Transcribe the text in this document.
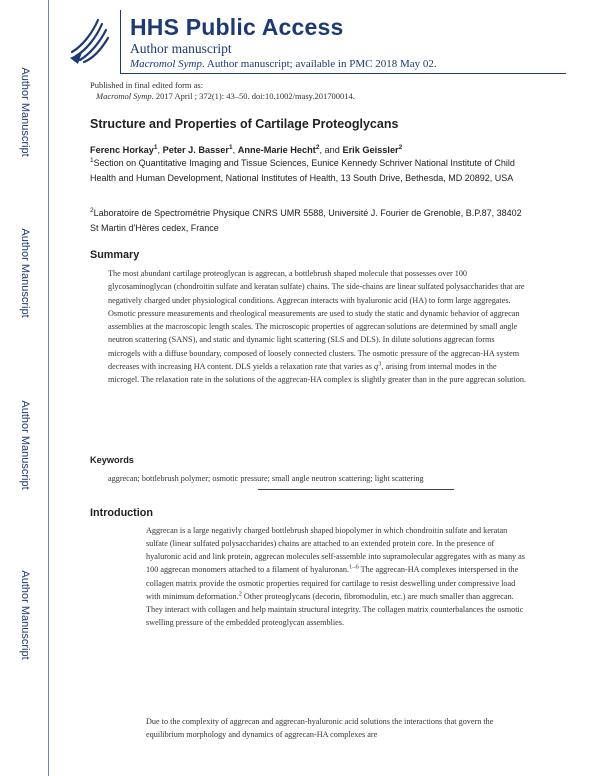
Author Manuscript
Author Manuscript
Author Manuscript
Author Manuscript
HHS Public Access
Author manuscript
Macromol Symp. Author manuscript; available in PMC 2018 May 02.
Published in final edited form as:
Macromol Symp. 2017 April ; 372(1): 43–50. doi:10.1002/masy.201700014.
Structure and Properties of Cartilage Proteoglycans
Ferenc Horkay$^1$, Peter J. Basser$^1$, Anne-Marie Hecht$^2$, and Erik Geissler$^2$
$^1$Section on Quantitative Imaging and Tissue Sciences, Eunice Kennedy Schriver National Institute of Child Health and Human Development, National Institutes of Health, 13 South Drive, Bethesda, MD 20892, USA
$^2$Laboratoire de Spectrométrie Physique CNRS UMR 5588, Université J. Fourier de Grenoble, B.P.87, 38402 St Martin d'Hères cedex, France
Summary
The most abundant cartilage proteoglycan is aggrecan, a bottlebrush shaped molecule that possesses over 100 glycosaminoglycan (chondroitin sulfate and keratan sulfate) chains. The side-chains are linear sulfated polysaccharides that are negatively charged under physiological conditions. Aggrecan interacts with hyaluronic acid (HA) to form large aggregates. Osmotic pressure measurements and rheological measurements are used to study the static and dynamic behavior of aggrecan assemblies at the macroscopic length scales. The microscopic properties of aggrecan solutions are determined by small angle neutron scattering (SANS), and static and dynamic light scattering (SLS and DLS). In dilute solutions aggrecan forms microgels with a diffuse boundary, composed of loosely connected clusters. The osmotic pressure of the aggrecan-HA system decreases with increasing HA content. DLS yields a relaxation rate that varies as $q^3$, arising from internal modes in the microgel. The relaxation rate in the solutions of the aggrecan-HA complex is slightly greater than in the pure aggrecan solution.
Keywords
aggrecan; bottlebrush polymer; osmotic pressure; small angle neutron scattering; light scattering
Introduction
Aggrecan is a large negativly charged bottlebrush shaped biopolymer in which chondroitin sulfate and keratan sulfate (linear sulfated polysaccharides) chains are attached to an extended protein core. In the presence of hyaluronic acid and link protein, aggrecan molecules self-assemble into supramolecular aggregates with as many as 100 aggrecan monomers attached to a filament of hyaluronan.$^{1-6}$ The aggrecan-HA complexes interspersed in the collagen matrix provide the osmotic properties required for cartilage to resist deswelling under compressive load with minimum deformation.$^2$ Other proteoglycans (decorin, fibromodulin, etc.) are much smaller than aggrecan. They interact with collagen and help maintain structural integrity. The collagen matrix counterbalances the osmotic swelling pressure of the embedded proteoglycan assemblies.
Due to the complexity of aggrecan and aggrecan-hyaluronic acid solutions the interactions that govern the equilibrium morphology and dynamics of aggrecan-HA complexes are
